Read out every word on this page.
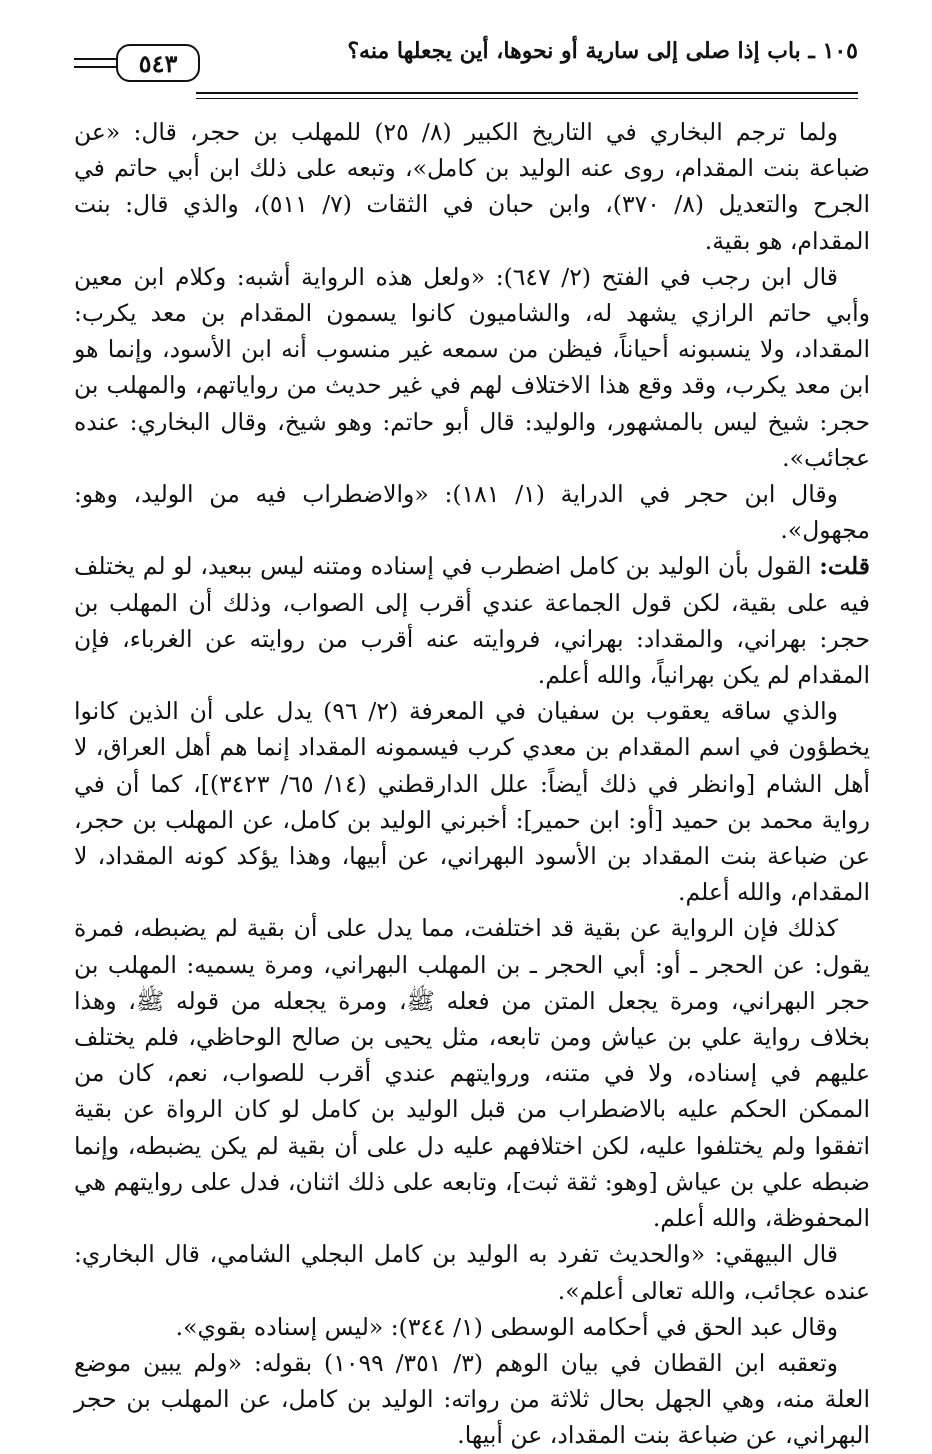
٥٤٣	١٠٥ ـ باب إذا صلى إلى سارية أو نحوها، أين يجعلها منه؟

ولما ترجم البخاري في التاريخ الكبير (٨/ ٢٥) للمهلب بن حجر، قال: «عن ضباعة بنت المقدام، روى عنه الوليد بن كامل»، وتبعه على ذلك ابن أبي حاتم في الجرح والتعديل (٨/ ٣٧٠)، وابن حبان في الثقات (٧/ ٥١١)، والذي قال: بنت المقدام، هو بقية.

قال ابن رجب في الفتح (٢/ ٦٤٧): «ولعل هذه الرواية أشبه: وكلام ابن معين وأبي حاتم الرازي يشهد له، والشاميون كانوا يسمون المقدام بن معد يكرب: المقداد، ولا ينسبونه أحياناً، فيظن من سمعه غير منسوب أنه ابن الأسود، وإنما هو ابن معد يكرب، وقد وقع هذا الاختلاف لهم في غير حديث من رواياتهم، والمهلب بن حجر: شيخ ليس بالمشهور، والوليد: قال أبو حاتم: وهو شيخ، وقال البخاري: عنده عجائب».

وقال ابن حجر في الدراية (١/ ١٨١): «والاضطراب فيه من الوليد، وهو: مجهول».

قلت: القول بأن الوليد بن كامل اضطرب في إسناده ومتنه ليس ببعيد، لو لم يختلف فيه على بقية، لكن قول الجماعة عندي أقرب إلى الصواب، وذلك أن المهلب بن حجر: بهراني، والمقداد: بهراني، فروايته عنه أقرب من روايته عن الغرباء، فإن المقدام لم يكن بهرانياً، والله أعلم.

والذي ساقه يعقوب بن سفيان في المعرفة (٢/ ٩٦) يدل على أن الذين كانوا يخطؤون في اسم المقدام بن معدي كرب فيسمونه المقداد إنما هم أهل العراق، لا أهل الشام [وانظر في ذلك أيضاً: علل الدارقطني (١٤/ ٦٥/ ٣٤٢٣)]، كما أن في رواية محمد بن حميد [أو: ابن حمير]: أخبرني الوليد بن كامل، عن المهلب بن حجر، عن ضباعة بنت المقداد بن الأسود البهراني، عن أبيها، وهذا يؤكد كونه المقداد، لا المقدام، والله أعلم.

كذلك فإن الرواية عن بقية قد اختلفت، مما يدل على أن بقية لم يضبطه، فمرة يقول: عن الحجر ـ أو: أبي الحجر ـ بن المهلب البهراني، ومرة يسميه: المهلب بن حجر البهراني، ومرة يجعل المتن من فعله ﷺ، ومرة يجعله من قوله ﷺ، وهذا بخلاف رواية علي بن عياش ومن تابعه، مثل يحيى بن صالح الوحاظي، فلم يختلف عليهم في إسناده، ولا في متنه، وروايتهم عندي أقرب للصواب، نعم، كان من الممكن الحكم عليه بالاضطراب من قبل الوليد بن كامل لو كان الرواة عن بقية اتفقوا ولم يختلفوا عليه، لكن اختلافهم عليه دل على أن بقية لم يكن يضبطه، وإنما ضبطه علي بن عياش [وهو: ثقة ثبت]، وتابعه على ذلك اثنان، فدل على روايتهم هي المحفوظة، والله أعلم.

قال البيهقي: «والحديث تفرد به الوليد بن كامل البجلي الشامي، قال البخاري: عنده عجائب، والله تعالى أعلم».

وقال عبد الحق في أحكامه الوسطى (١/ ٣٤٤): «ليس إسناده بقوي».

وتعقبه ابن القطان في بيان الوهم (٣/ ٣٥١/ ١٠٩٩) بقوله: «ولم يبين موضع العلة منه، وهي الجهل بحال ثلاثة من رواته: الوليد بن كامل، عن المهلب بن حجر البهراني، عن ضباعة بنت المقداد، عن أبيها.
